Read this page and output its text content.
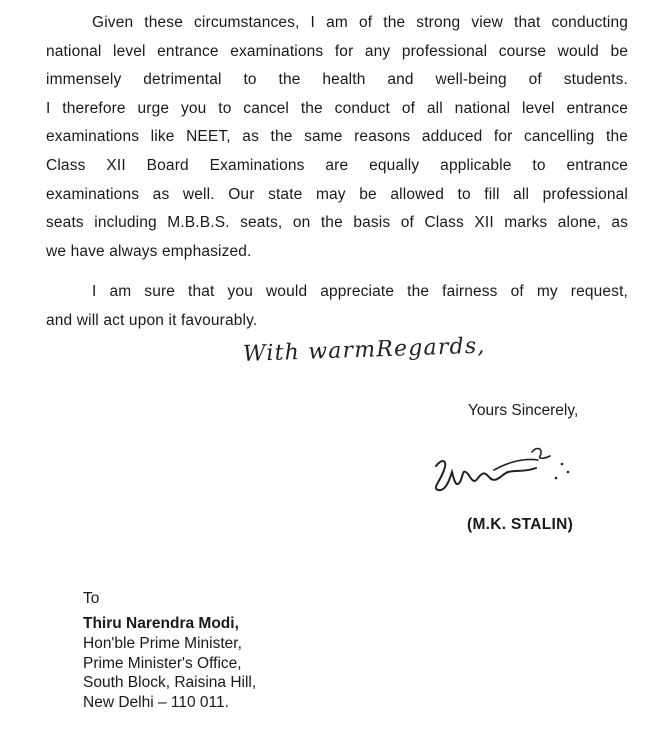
Given these circumstances, I am of the strong view that conducting
national level entrance examinations for any professional course would be
immensely detrimental to the health and well-being of students.
I therefore urge you to cancel the conduct of all national level entrance
examinations like NEET, as the same reasons adduced for cancelling the
Class XII Board Examinations are equally applicable to entrance
examinations as well. Our state may be allowed to fill all professional
seats including M.B.B.S. seats, on the basis of Class XII marks alone, as
we have always emphasized.

I am sure that you would appreciate the fairness of my request,
and will act upon it favourably.

With warmRegards,
Yours Sincerely,
(M.K. STALIN)
To
Thiru Narendra Modi,
Hon'ble Prime Minister,
Prime Minister's Office,
South Block, Raisina Hill,
New Delhi – 110 011.
